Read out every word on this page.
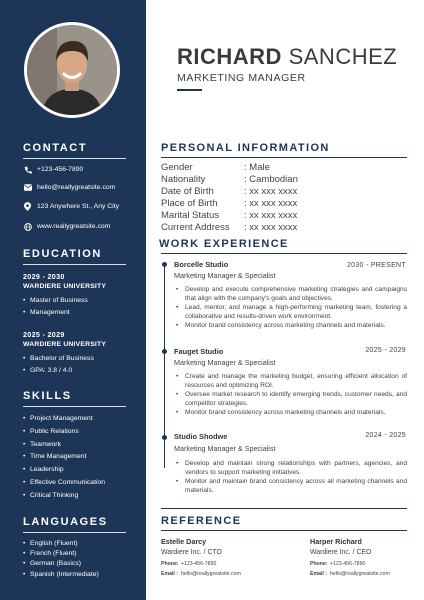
CONTACT
+123-456-7890
hello@reallygreatsite.com
123 Anywhere St., Any City
www.reallygreatsite.com
EDUCATION
2029 - 2030
WARDIERE UNIVERSITY
• Master of Business
• Management
2025 - 2029
WARDIERE UNIVERSITY
• Bachelor of Business
• GPA: 3.8 / 4.0
SKILLS
• Project Management
• Public Relations
• Teamwork
• Time Management
• Leadership
• Effective Communication
• Critical Thinking
LANGUAGES
• English (Fluent)
• French (Fluent)
• German (Basics)
• Spanish (Intermediate)
RICHARD SANCHEZ
MARKETING MANAGER
PERSONAL INFORMATION
Gender	: Male
Nationality	: Cambodian
Date of Birth	: xx xxx xxxx
Place of Birth	: xx xxx xxxx
Marital Status	: xx xxx xxxx
Current Address	: xx xxx xxxx
WORK EXPERIENCE
Borcelle Studio	2030 - PRESENT
Marketing Manager & Specialist
• Develop and execute comprehensive marketing strategies and campaigns that align with the company's goals and objectives.
• Lead, mentor, and manage a high-performing marketing team, fostering a collaborative and results-driven work environment.
• Monitor brand consistency across marketing channels and materials.
Fauget Studio	2025 - 2029
Marketing Manager & Specialist
• Create and manage the marketing budget, ensuring efficient allocation of resources and optimizing ROI.
• Oversee market research to identify emerging trends, customer needs, and competitor strategies.
• Monitor brand consistency across marketing channels and materials.
Studio Shodwe	2024 - 2025
Marketing Manager & Specialist
• Develop and maintain strong relationships with partners, agencies, and vendors to support marketing initiatives.
• Monitor and maintain brand consistency across all marketing channels and materials.
REFERENCE
Estelle Darcy
Wardiere Inc. / CTO
Phone: +123-456-7890
Email : hello@reallygreatsite.com
Harper Richard
Wardiere Inc. / CEO
Phone: +123-456-7890
Email : hello@reallygreatsite.com
